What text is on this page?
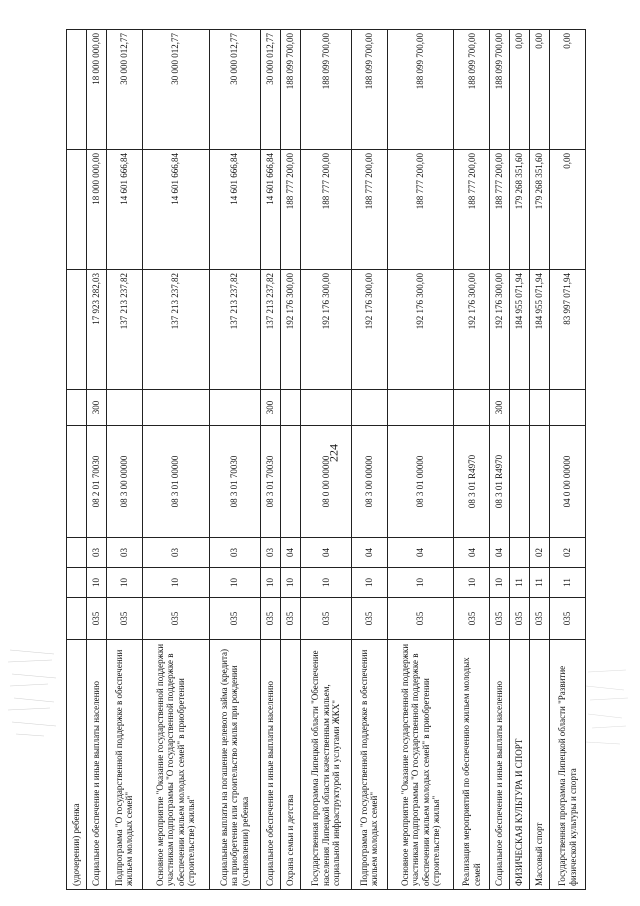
224
(удочерении) ребенка								
Социальное обеспечение и иные выплаты населению	035	10	03	08 2 01 70030	300	17 923 282,03	18 000 000,00	18 000 000,00
Подпрограмма "О государственной поддержке в обеспечении жильем молодых семей"	035	10	03	08 3 00 00000		137 213 237,82	14 601 666,84	30 000 012,77
Основное мероприятие "Оказание государственной поддержки участникам подпрограммы "О государственной поддержке в обеспечении жильем молодых семей" в приобретении (строительстве) жилья"	035	10	03	08 3 01 00000		137 213 237,82	14 601 666,84	30 000 012,77
Социальные выплаты на погашение целевого займа (кредита) на приобретение или строительство жилья при рождении (усыновлении) ребенка	035	10	03	08 3 01 70030		137 213 237,82	14 601 666,84	30 000 012,77
Социальное обеспечение и иные выплаты населению	035	10	03	08 3 01 70030	300	137 213 237,82	14 601 666,84	30 000 012,77
Охрана семьи и детства	035	10	04			192 176 300,00	188 777 200,00	188 099 700,00
Государственная программа Липецкой области "Обеспечение населения Липецкой области качественным жильем, социальной инфраструктурой и услугами ЖКХ"	035	10	04	08 0 00 00000		192 176 300,00	188 777 200,00	188 099 700,00
Подпрограмма "О государственной поддержке в обеспечении жильем молодых семей"	035	10	04	08 3 00 00000		192 176 300,00	188 777 200,00	188 099 700,00
Основное мероприятие "Оказание государственной поддержки участникам подпрограммы "О государственной поддержке в обеспечении жильем молодых семей" в приобретении (строительстве) жилья"	035	10	04	08 3 01 00000		192 176 300,00	188 777 200,00	188 099 700,00
Реализация мероприятий по обеспечению жильем молодых семей	035	10	04	08 3 01 R4970		192 176 300,00	188 777 200,00	188 099 700,00
Социальное обеспечение и иные выплаты населению	035	10	04	08 3 01 R4970	300	192 176 300,00	188 777 200,00	188 099 700,00
ФИЗИЧЕСКАЯ КУЛЬТУРА И СПОРТ	035	11				184 955 071,94	179 268 351,60	0,00
Массовый спорт	035	11	02			184 955 071,94	179 268 351,60	0,00
Государственная программа Липецкой области "Развитие физической культуры и спорта	035	11	02	04 0 00 00000		83 997 071,94	0,00	0,00
